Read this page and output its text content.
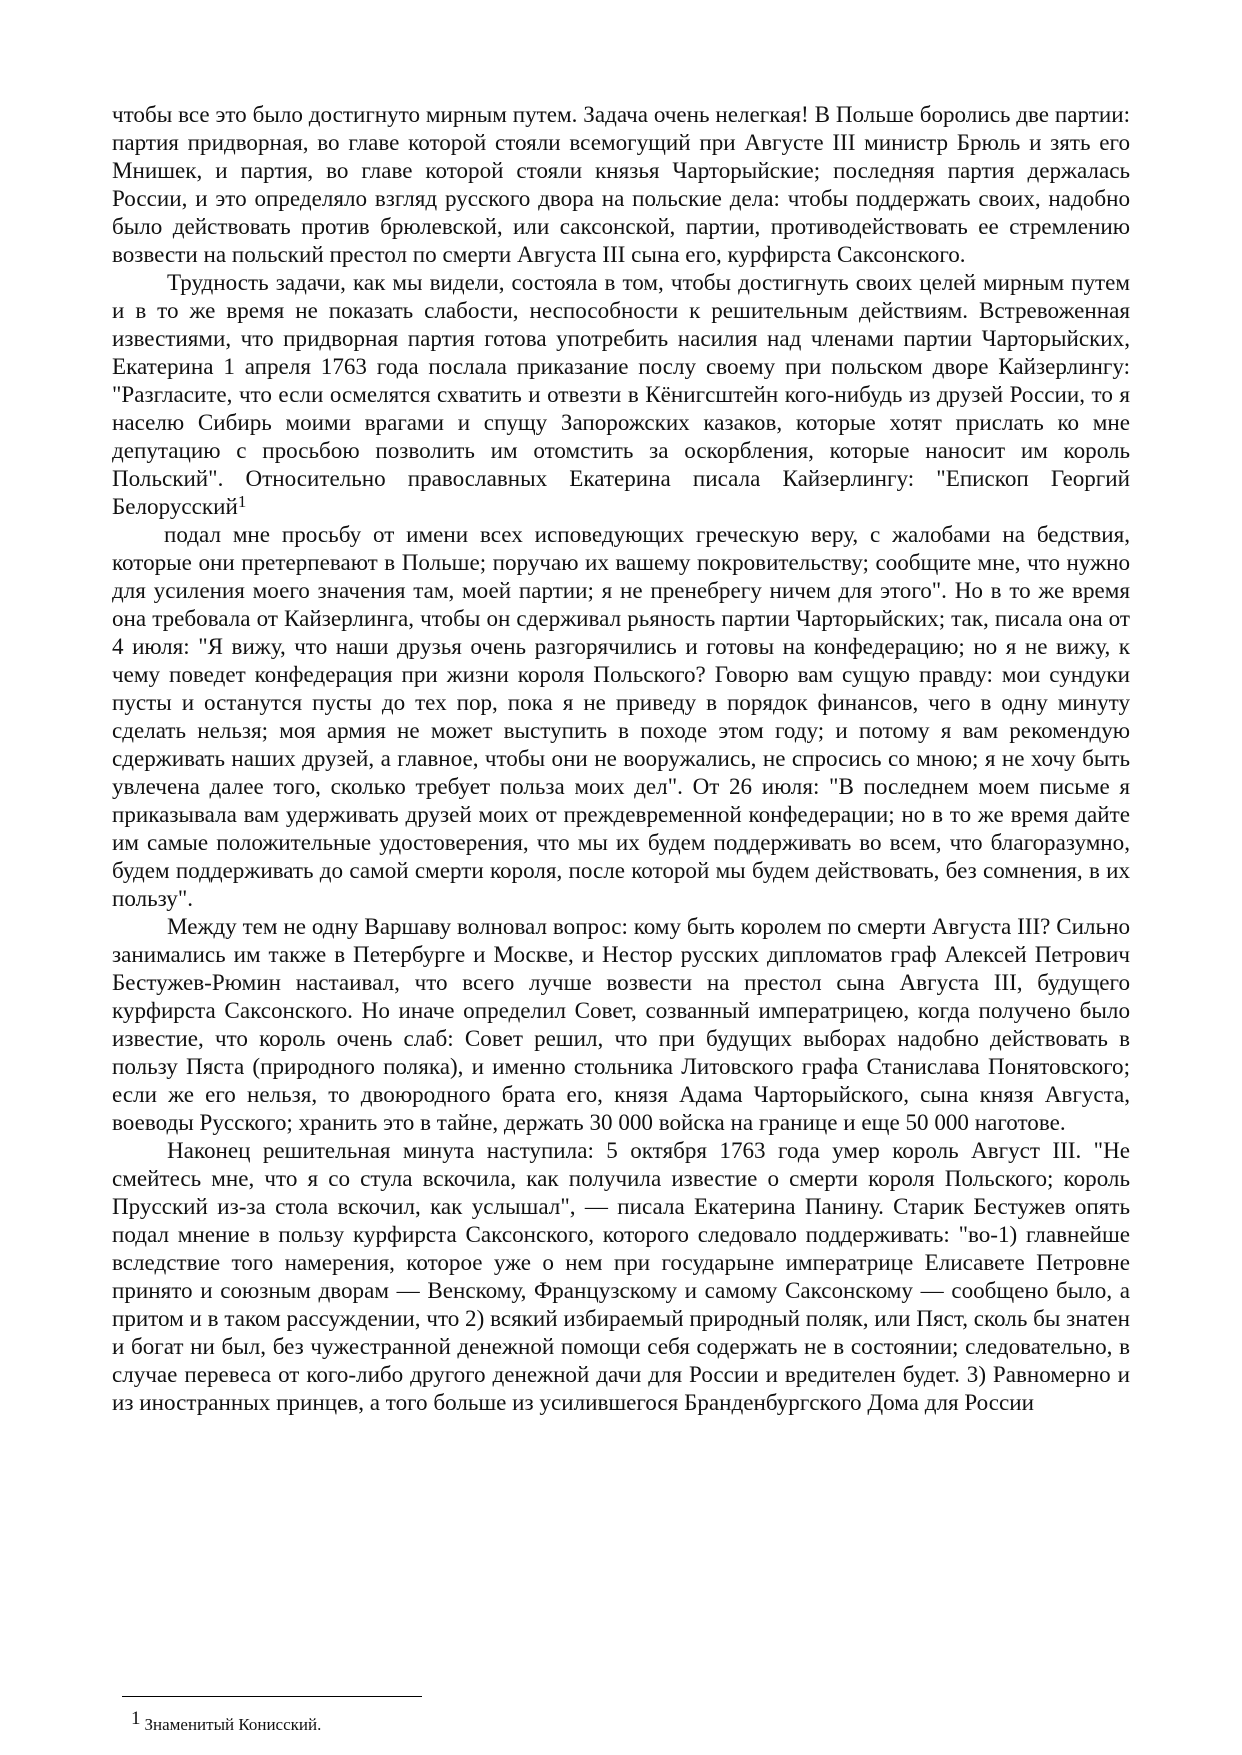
чтобы все это было достигнуто мирным путем. Задача очень нелегкая! В Польше боролись две партии: партия придворная, во главе которой стояли всемогущий при Августе III министр Брюль и зять его Мнишек, и партия, во главе которой стояли князья Чарторыйские; последняя партия держалась России, и это определяло взгляд русского двора на польские дела: чтобы поддержать своих, надобно было действовать против брюлевской, или саксонской, партии, противодействовать ее стремлению возвести на польский престол по смерти Августа III сына его, курфирста Саксонского.

Трудность задачи, как мы видели, состояла в том, чтобы достигнуть своих целей мирным путем и в то же время не показать слабости, неспособности к решительным действиям. Встревоженная известиями, что придворная партия готова употребить насилия над членами партии Чарторыйских, Екатерина 1 апреля 1763 года послала приказание послу своему при польском дворе Кайзерлингу: "Разгласите, что если осмелятся схватить и отвезти в Кёнигсштейн кого-нибудь из друзей России, то я населю Сибирь моими врагами и спущу Запорожских казаков, которые хотят прислать ко мне депутацию с просьбою позволить им отомстить за оскорбления, которые наносит им король Польский". Относительно православных Екатерина писала Кайзерлингу: "Епископ Георгий Белорусский$^1$

подал мне просьбу от имени всех исповедующих греческую веру, с жалобами на бедствия, которые они претерпевают в Польше; поручаю их вашему покровительству; сообщите мне, что нужно для усиления моего значения там, моей партии; я не пренебрегу ничем для этого". Но в то же время она требовала от Кайзерлинга, чтобы он сдерживал рьяность партии Чарторыйских; так, писала она от 4 июля: "Я вижу, что наши друзья очень разгорячились и готовы на конфедерацию; но я не вижу, к чему поведет конфедерация при жизни короля Польского? Говорю вам сущую правду: мои сундуки пусты и останутся пусты до тех пор, пока я не приведу в порядок финансов, чего в одну минуту сделать нельзя; моя армия не может выступить в походе этом году; и потому я вам рекомендую сдерживать наших друзей, а главное, чтобы они не вооружались, не спросись со мною; я не хочу быть увлечена далее того, сколько требует польза моих дел". От 26 июля: "В последнем моем письме я приказывала вам удерживать друзей моих от преждевременной конфедерации; но в то же время дайте им самые положительные удостоверения, что мы их будем поддерживать во всем, что благоразумно, будем поддерживать до самой смерти короля, после которой мы будем действовать, без сомнения, в их пользу".

Между тем не одну Варшаву волновал вопрос: кому быть королем по смерти Августа III? Сильно занимались им также в Петербурге и Москве, и Нестор русских дипломатов граф Алексей Петрович Бестужев-Рюмин настаивал, что всего лучше возвести на престол сына Августа III, будущего курфирста Саксонского. Но иначе определил Совет, созванный императрицею, когда получено было известие, что король очень слаб: Совет решил, что при будущих выборах надобно действовать в пользу Пяста (природного поляка), и именно стольника Литовского графа Станислава Понятовского; если же его нельзя, то двоюродного брата его, князя Адама Чарторыйского, сына князя Августа, воеводы Русского; хранить это в тайне, держать 30 000 войска на границе и еще 50 000 наготове.

Наконец решительная минута наступила: 5 октября 1763 года умер король Август III. "Не смейтесь мне, что я со стула вскочила, как получила известие о смерти короля Польского; король Прусский из-за стола вскочил, как услышал", — писала Екатерина Панину. Старик Бестужев опять подал мнение в пользу курфирста Саксонского, которого следовало поддерживать: "во-1) главнейше вследствие того намерения, которое уже о нем при государыне императрице Елисавете Петровне принято и союзным дворам — Венскому, Французскому и самому Саксонскому — сообщено было, а притом и в таком рассуждении, что 2) всякий избираемый природный поляк, или Пяст, сколь бы знатен и богат ни был, без чужестранной денежной помощи себя содержать не в состоянии; следовательно, в случае перевеса от кого-либо другого денежной дачи для России и вредителен будет. 3) Равномерно и из иностранных принцев, а того больше из усилившегося Бранденбургского Дома для России

1 Знаменитый Конисский.
